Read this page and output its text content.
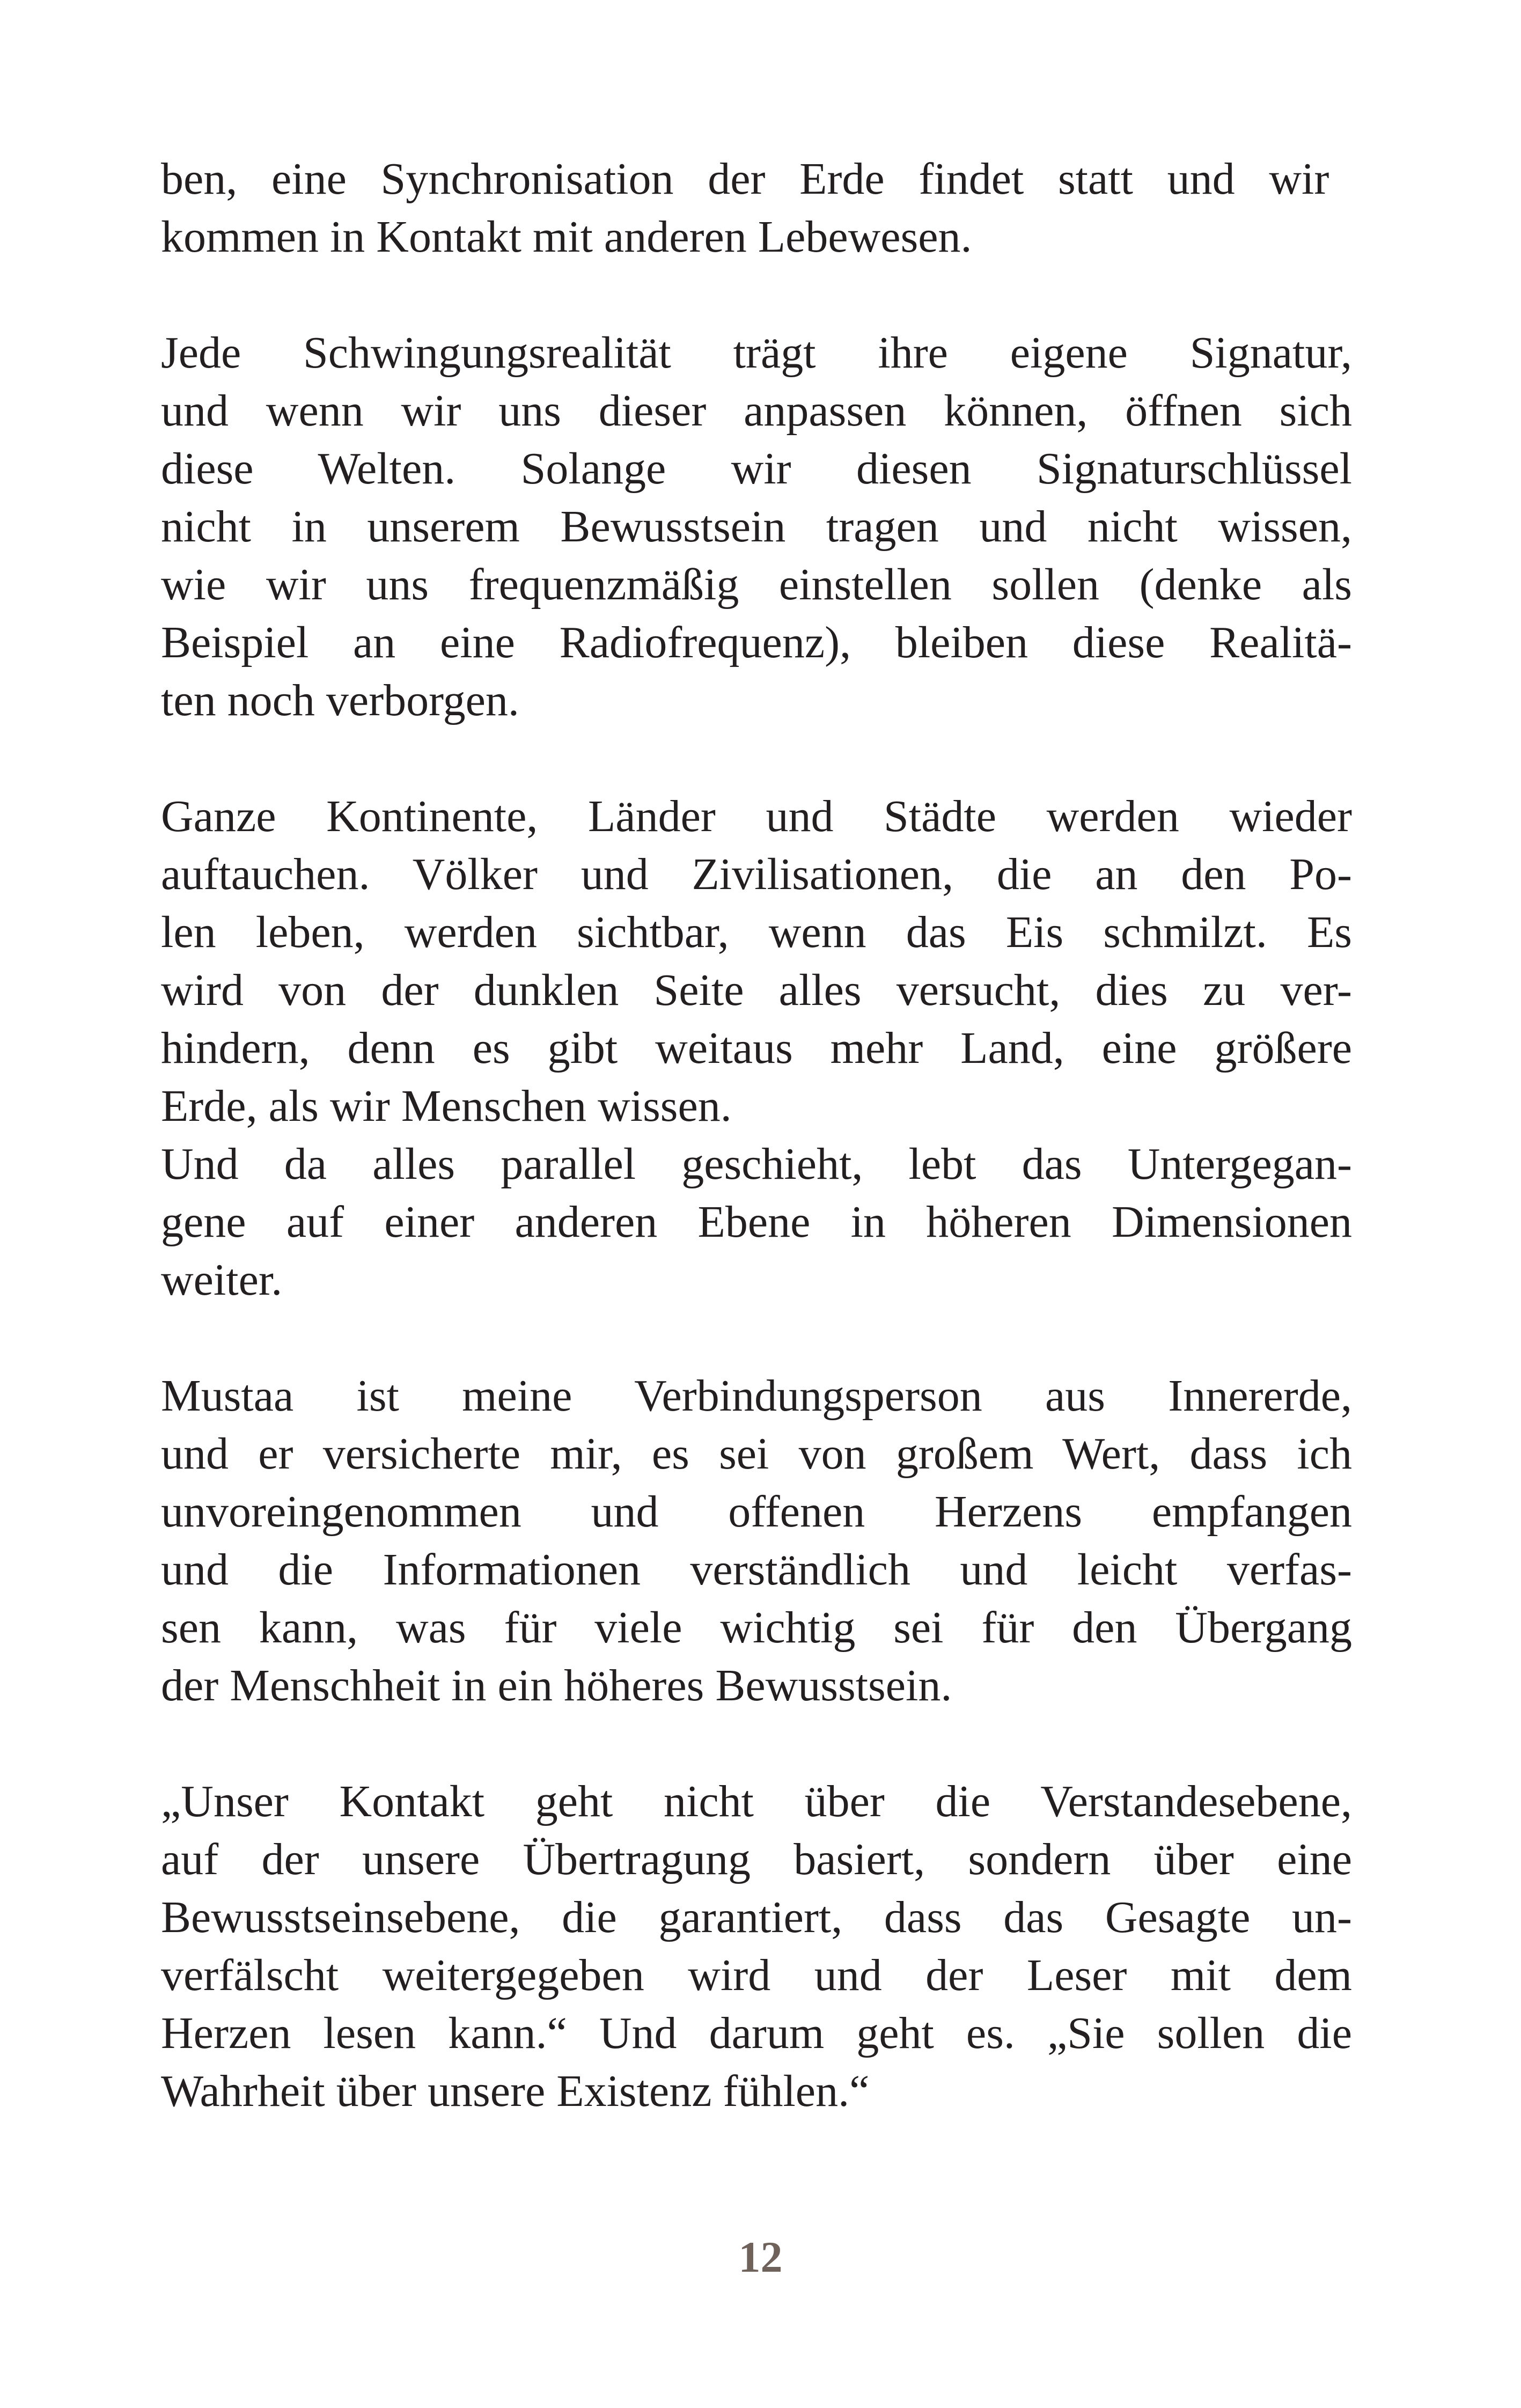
ben, eine Synchronisation der Erde findet statt und wir
kommen in Kontakt mit anderen Lebewesen.
Jede Schwingungsrealität trägt ihre eigene Signatur,
und wenn wir uns dieser anpassen können, öffnen sich
diese Welten. Solange wir diesen Signaturschlüssel
nicht in unserem Bewusstsein tragen und nicht wissen,
wie wir uns frequenzmäßig einstellen sollen (denke als
Beispiel an eine Radiofrequenz), bleiben diese Realitä-
ten noch verborgen.
Ganze Kontinente, Länder und Städte werden wieder
auftauchen. Völker und Zivilisationen, die an den Po-
len leben, werden sichtbar, wenn das Eis schmilzt. Es
wird von der dunklen Seite alles versucht, dies zu ver-
hindern, denn es gibt weitaus mehr Land, eine größere
Erde, als wir Menschen wissen.
Und da alles parallel geschieht, lebt das Untergegan-
gene auf einer anderen Ebene in höheren Dimensionen
weiter.
Mustaa ist meine Verbindungsperson aus Innererde,
und er versicherte mir, es sei von großem Wert, dass ich
unvoreingenommen und offenen Herzens empfangen
und die Informationen verständlich und leicht verfas-
sen kann, was für viele wichtig sei für den Übergang
der Menschheit in ein höheres Bewusstsein.
„Unser Kontakt geht nicht über die Verstandesebene,
auf der unsere Übertragung basiert, sondern über eine
Bewusstseinsebene, die garantiert, dass das Gesagte un-
verfälscht weitergegeben wird und der Leser mit dem
Herzen lesen kann.“ Und darum geht es. „Sie sollen die
Wahrheit über unsere Existenz fühlen.“
12
